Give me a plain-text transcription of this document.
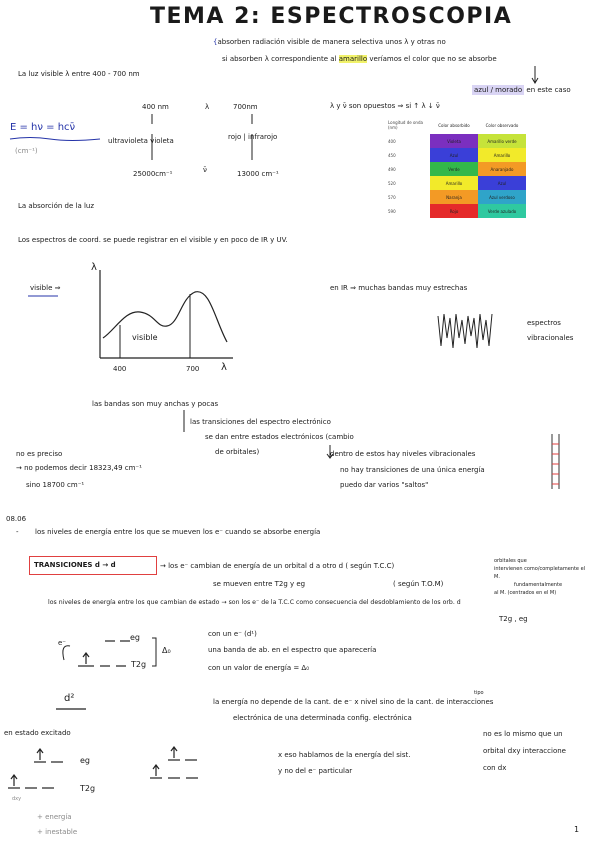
TEMA 2: ESPECTROSCOPIA
{absorben radiación visible de manera selectiva unos λ y otras no
si absorben λ correspondiente al amarillo veríamos el color que no se absorbe
azul / morado en este caso
La luz visible λ entre 400 - 700 nm
λ y ν̄ son opuestos ⇒ si ↑ λ ↓ ν̄
E = hν = hcν̄
(cm⁻¹)
400 nm	λ	700nm
ultravioleta violeta	rojo | infrarojo
25000cm⁻¹	ν̄	13000 cm⁻¹
Longitud de onda (nm)	Color absorbido	Color observado
400	Violeta	Amarillo verde
450	Azul	Amarillo
490	Verde	Anaranjado
520	Amarillo	Azul
570	Naranja	Azul verdoso
590	Rojo	Verde azulado
La absorción de la luz
Los espectros de coord. se puede registrar en el visible y en poco de IR y UV.
visible ⇒
λ
visible
400	700 λ
en IR ⇒ muchas bandas muy estrechas
espectros
vibracionales
las bandas son muy anchas y pocas
las transiciones del espectro electrónico
se dan entre estados electrónicos (cambio
de orbitales)
no es preciso
→ no podemos decir 18323,49 cm⁻¹
sino 18700 cm⁻¹
dentro de estos hay niveles vibracionales
no hay transiciones de una única energía
puedo dar varios "saltos"
08.06
- los niveles de energía entre los que se mueven los e⁻ cuando se absorbe energía
TRANSICIONES d → d	→ los e⁻ cambian de energía de un orbital d a otro d ( según T.C.C)
orbitales que
intervienen como/completamente el
M.
se mueven entre T2g y eg	( según T.O.M)	fundamentalmente
al M. (centrados en el M)
los niveles de energía entre los que cambian de estado → son los e⁻ de la T.C.C como consecuencia del desdoblamiento de los orb. d
T2g , eg
e⁻
eg
T2g
Δ₀
con un e⁻ (d¹)
una banda de ab. en el espectro que aparecería
con un valor de energía = Δ₀
d²	la energía no depende de la cant. de e⁻ x nivel sino de la cant. de interacciones
tipo
electrónica de una determinada config. electrónica
en estado excitado	no es lo mismo que un
orbital dxy interaccione
con dx
x eso hablamos de la energía del sist.
y no del e⁻ particular
eg
T2g
dxy
+ energía
+ inestable	1
